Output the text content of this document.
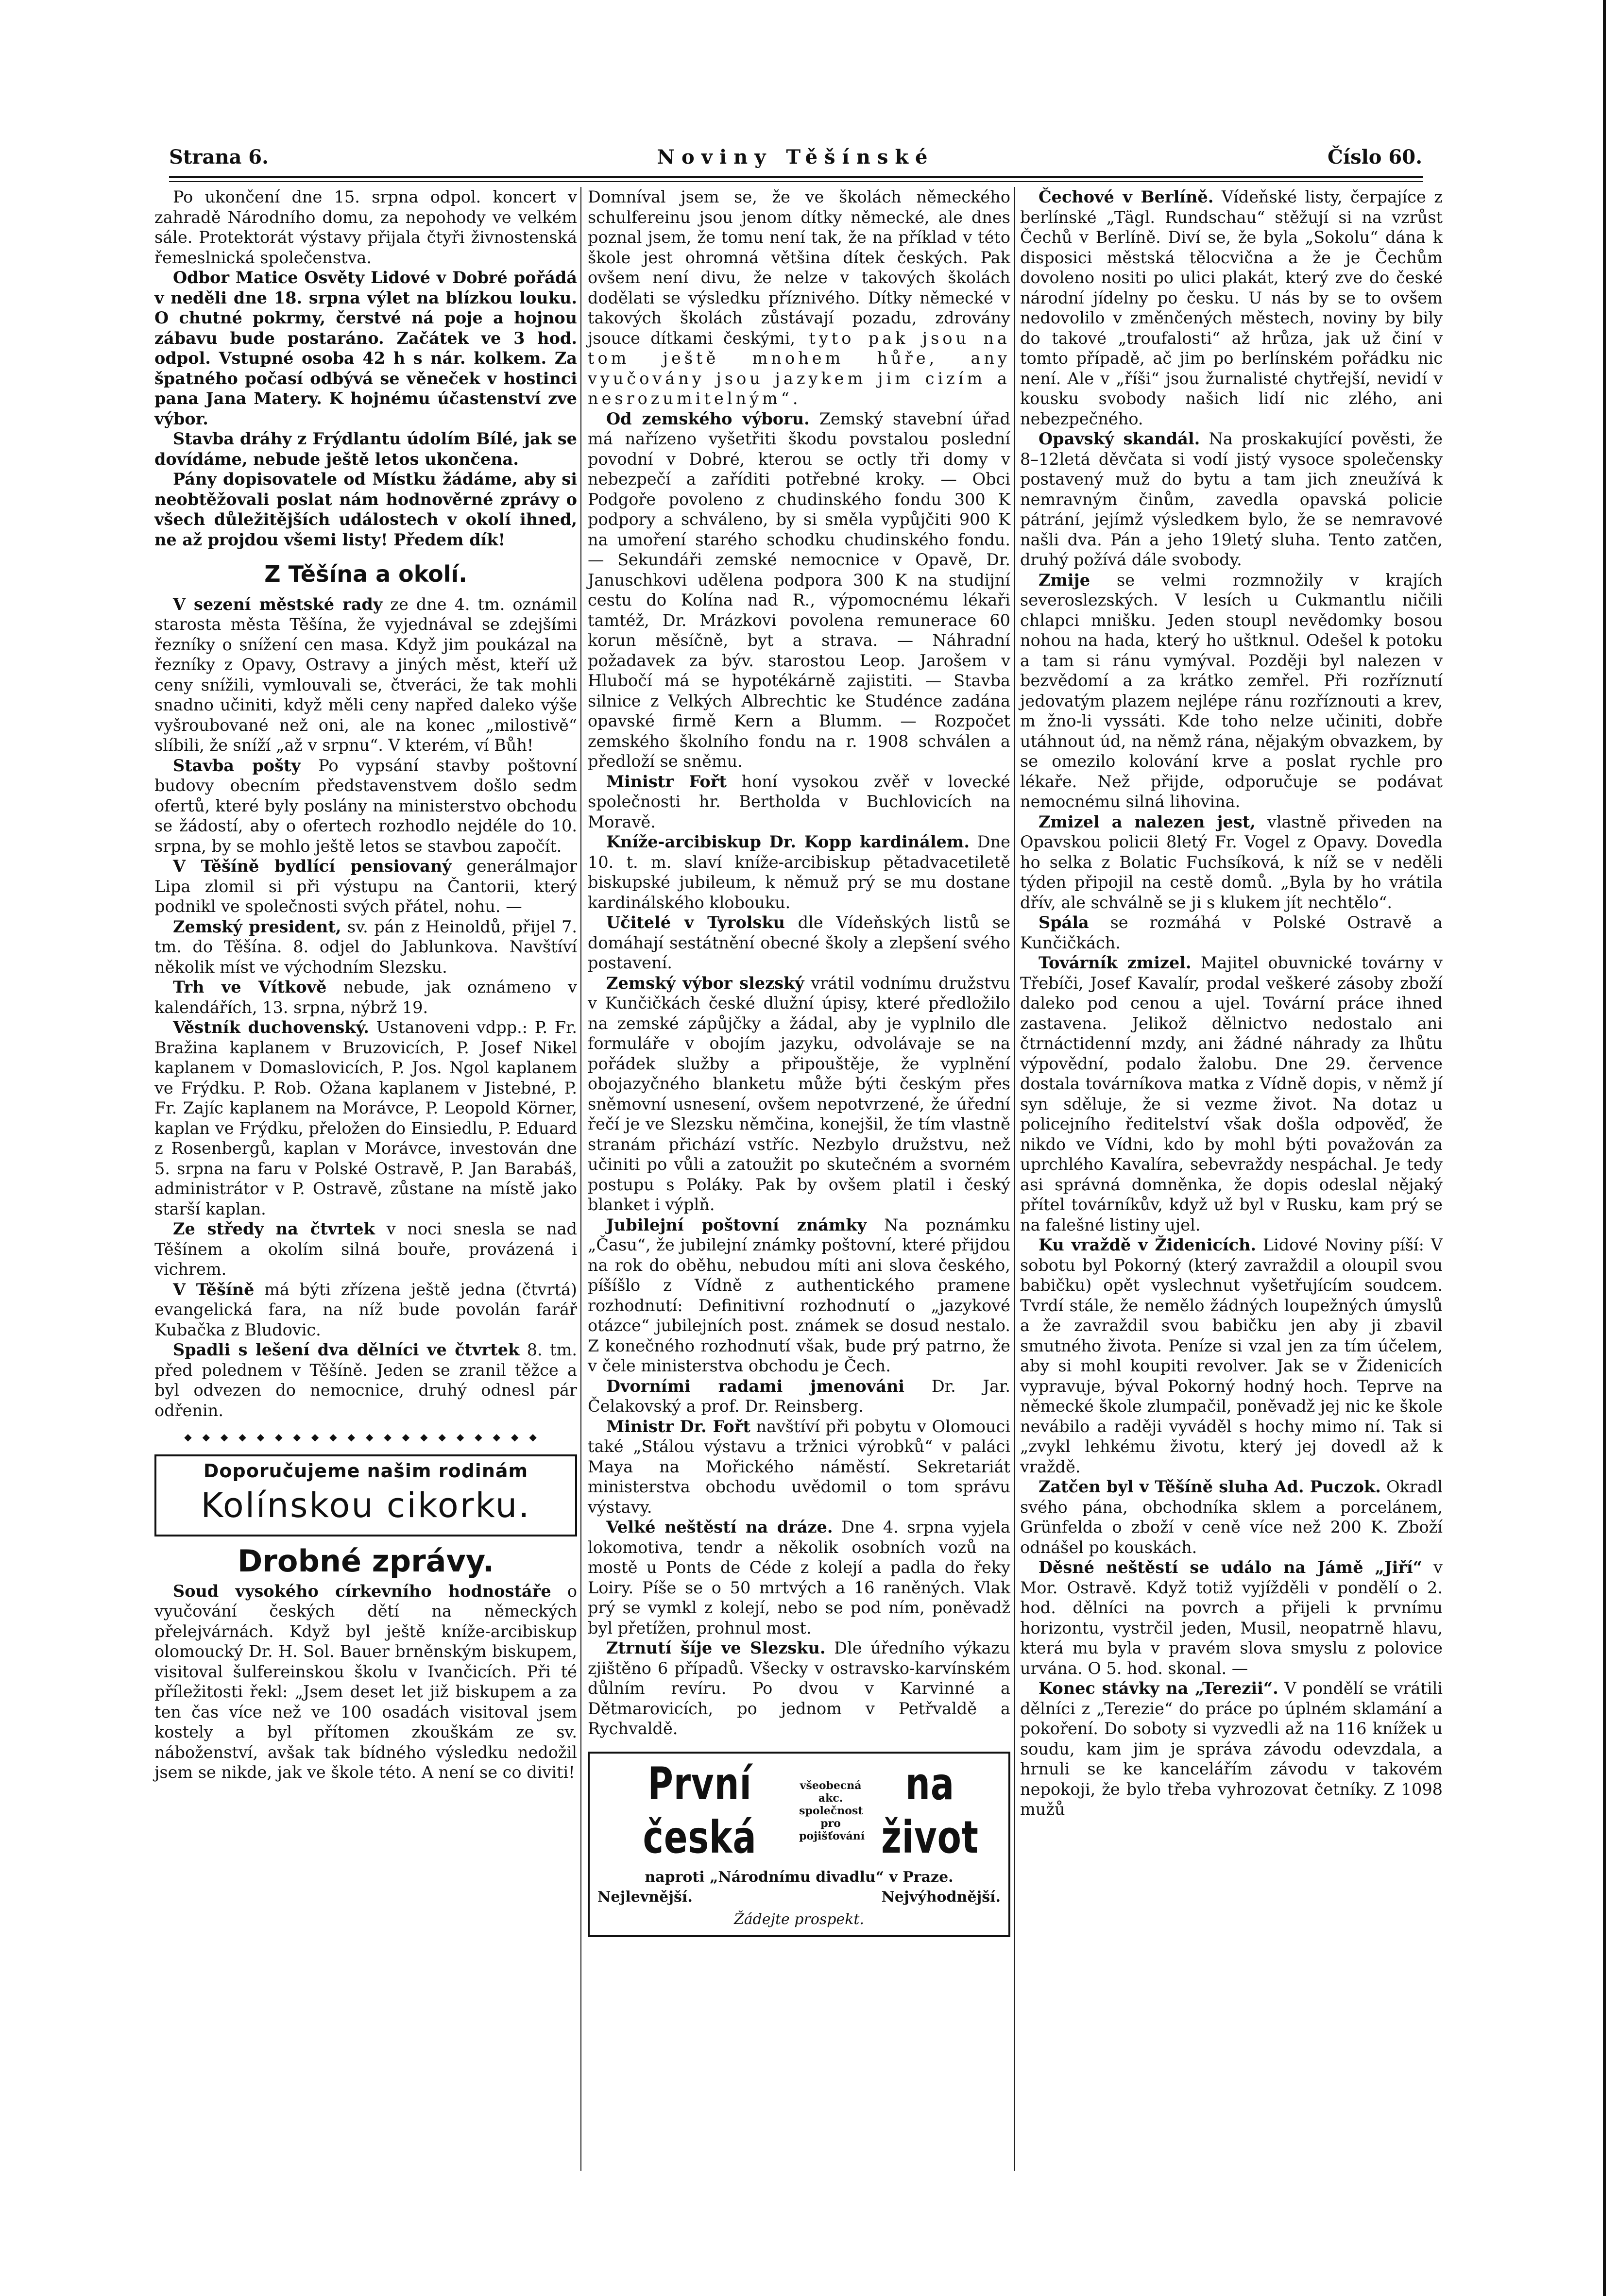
Strana 6.	Noviny Těšínské	Číslo 60.

Po ukončení dne 15. srpna odpol. koncert v zahradě Národního domu, za nepohody ve velkém sále. Protektorát výstavy přijala čtyři živnostenská řemeslnická společenstva.

Odbor Matice Osvěty Lidové v Dobré pořádá v neděli dne 18. srpna výlet na blízkou louku. O chutné pokrmy, čerstvé ná poje a hojnou zábavu bude postaráno. Začátek ve 3 hod. odpol. Vstupné osoba 42 h s nár. kolkem. Za špatného počasí odbývá se věneček v hostinci pana Jana Matery. K hojnému účastenství zve výbor.

Stavba dráhy z Frýdlantu údolím Bílé, jak se dovídáme, nebude ještě letos ukončena.

Pány dopisovatele od Místku žádáme, aby si neobtěžovali poslat nám hodnověrné zprávy o všech důležitějších událostech v okolí ihned, ne až projdou všemi listy! Předem dík!

Z Těšína a okolí.

V sezení městské rady ze dne 4. tm. oznámil starosta města Těšína, že vyjednával se zdejšími řezníky o snížení cen masa. Když jim poukázal na řezníky z Opavy, Ostravy a jiných měst, kteří už ceny snížili, vymlouvali se, čtveráci, že tak mohli snadno učiniti, když měli ceny napřed daleko výše vyšroubované než oni, ale na konec „milostivě“ slíbili, že sníží „až v srpnu“. V kterém, ví Bůh!

Stavba pošty Po vypsání stavby poštovní budovy obecním představenstvem došlo sedm ofertů, které byly poslány na ministerstvo obchodu se žádostí, aby o ofertech rozhodlo nejdéle do 10. srpna, by se mohlo ještě letos se stavbou započít.

V Těšíně bydlící pensiovaný generálmajor Lipa zlomil si při výstupu na Čantorii, který podnikl ve společnosti svých přátel, nohu. —

Zemský president, sv. pán z Heinoldů, přijel 7. tm. do Těšína. 8. odjel do Jablunkova. Navštíví několik míst ve východním Slezsku.

Trh ve Vítkově nebude, jak oznámeno v kalendářích, 13. srpna, nýbrž 19.

Věstník duchovenský. Ustanoveni vdpp.: P. Fr. Bražina kaplanem v Bruzovicích, P. Josef Nikel kaplanem v Domaslovicích, P. Jos. Ngol kaplanem ve Frýdku. P. Rob. Ožana kaplanem v Jistebné, P. Fr. Zajíc kaplanem na Morávce, P. Leopold Körner, kaplan ve Frýdku, přeložen do Einsiedlu, P. Eduard z Rosenbergů, kaplan v Morávce, investován dne 5. srpna na faru v Polské Ostravě, P. Jan Barabáš, administrátor v P. Ostravě, zůstane na místě jako starší kaplan.

Ze středy na čtvrtek v noci snesla se nad Těšínem a okolím silná bouře, provázená i vichrem.

V Těšíně má býti zřízena ještě jedna (čtvrtá) evangelická fara, na níž bude povolán farář Kubačka z Bludovic.

Spadli s lešení dva dělníci ve čtvrtek 8. tm. před polednem v Těšíně. Jeden se zranil těžce a byl odvezen do nemocnice, druhý odnesl pár odřenin.

◆◆◆◆◆◆◆◆◆◆◆◆◆◆◆◆◆◆◆◆
Doporučujeme našim rodinám
Kolínskou cikorku.
Drobné zprávy.

Soud vysokého církevního hodnostáře o vyučování českých dětí na německých přelejvárnách. Když byl ještě kníže-arcibiskup olomoucký Dr. H. Sol. Bauer brněnským biskupem, visitoval šulfereinskou školu v Ivančicích. Při té příležitosti řekl: „Jsem deset let již biskupem a za ten čas více než ve 100 osadách visitoval jsem kostely a byl přítomen zkouškám ze sv. náboženství, avšak tak bídného výsledku nedožil jsem se nikde, jak ve škole této. A není se co diviti!

Domníval jsem se, že ve školách německého schulfereinu jsou jenom dítky německé, ale dnes poznal jsem, že tomu není tak, že na příklad v této škole jest ohromná většina dítek českých. Pak ovšem není divu, že nelze v takových školách dodělati se výsledku příznivého. Dítky německé v takových školách zůstávají pozadu, zdrovány jsouce dítkami českými, tyto pak jsou na tom ještě mnohem hůře, any vyučovány jsou jazykem jim cizím a nesrozumitelným“.

Od zemského výboru. Zemský stavební úřad má nařízeno vyšetřiti škodu povstalou poslední povodní v Dobré, kterou se octly tři domy v nebezpečí a zaříditi potřebné kroky. — Obci Podgoře povoleno z chudinského fondu 300 K podpory a schváleno, by si směla vypůjčiti 900 K na umoření starého schodku chudinského fondu. — Sekundáři zemské nemocnice v Opavě, Dr. Januschkovi udělena podpora 300 K na studijní cestu do Kolína nad R., výpomocnému lékaři tamtéž, Dr. Mrázkovi povolena remunerace 60 korun měsíčně, byt a strava. — Náhradní požadavek za býv. starostou Leop. Jarošem v Hlubočí má se hypotékárně zajistiti. — Stavba silnice z Velkých Albrechtic ke Studénce zadána opavské firmě Kern a Blumm. — Rozpočet zemského školního fondu na r. 1908 schválen a předloží se sněmu.

Ministr Fořt honí vysokou zvěř v lovecké společnosti hr. Bertholda v Buchlovicích na Moravě.

Kníže-arcibiskup Dr. Kopp kardinálem. Dne 10. t. m. slaví kníže-arcibiskup pětadvacetiletě biskupské jubileum, k němuž prý se mu dostane kardinálského klobouku.

Učitelé v Tyrolsku dle Vídeňských listů se domáhají sestátnění obecné školy a zlepšení svého postavení.

Zemský výbor slezský vrátil vodnímu družstvu v Kunčičkách české dlužní úpisy, které předložilo na zemské zápůjčky a žádal, aby je vyplnilo dle formuláře v obojím jazyku, odvolávaje se na pořádek služby a připouštěje, že vyplnění obojazyčného blanketu může býti českým přes sněmovní usnesení, ovšem nepotvrzené, že úřední řečí je ve Slezsku němčina, konejšil, že tím vlastně stranám přichází vstříc. Nezbylo družstvu, než učiniti po vůli a zatoužit po skutečném a svorném postupu s Poláky. Pak by ovšem platil i český blanket i výplň.

Jubilejní poštovní známky Na poznámku „Času“, že jubilejní známky poštovní, které přijdou na rok do oběhu, nebudou míti ani slova českého, píšíšlo z Vídně z authentického pramene rozhodnutí: Definitivní rozhodnutí o „jazykové otázce“ jubilejních post. známek se dosud nestalo. Z konečného rozhodnutí však, bude prý patrno, že v čele ministerstva obchodu je Čech.

Dvorními radami jmenováni Dr. Jar. Čelakovský a prof. Dr. Reinsberg.

Ministr Dr. Fořt navštíví při pobytu v Olomouci také „Stálou výstavu a tržnici výrobků“ v paláci Maya na Mořického náměstí. Sekretariát ministerstva obchodu uvědomil o tom správu výstavy.

Velké neštěstí na dráze. Dne 4. srpna vyjela lokomotiva, tendr a několik osobních vozů na mostě u Ponts de Céde z kolejí a padla do řeky Loiry. Píše se o 50 mrtvých a 16 raněných. Vlak prý se vymkl z kolejí, nebo se pod ním, poněvadž byl přetížen, prohnul most.

Ztrnutí šíje ve Slezsku. Dle úředního výkazu zjištěno 6 případů. Všecky v ostravsko-karvínském důlním revíru. Po dvou v Karvinné a Dětmarovicích, po jednom v Petřvaldě a Rychvaldě.

První česká
všeobecná akc. společnost pro pojišťování
na život
naproti „Národnímu divadlu“ v Praze.
Nejlevnější.	Nejvýhodnější.
Žádejte prospekt.

Čechové v Berlíně. Vídeňské listy, čerpajíce z berlínské „Tägl. Rundschau“ stěžují si na vzrůst Čechů v Berlíně. Diví se, že byla „Sokolu“ dána k disposici městská tělocvična a že je Čechům dovoleno nositi po ulici plakát, který zve do české národní jídelny po česku. U nás by se to ovšem nedovolilo v změnčených městech, noviny by bily do takové „troufalosti“ až hrůza, jak už činí v tomto případě, ač jim po berlínském pořádku nic není. Ale v „říši“ jsou žurnalisté chytřejší, nevidí v kousku svobody našich lidí nic zlého, ani nebezpečného.

Opavský skandál. Na proskakující pověsti, že 8–12letá děvčata si vodí jistý vysoce společensky postavený muž do bytu a tam jich zneužívá k nemravným činům, zavedla opavská policie pátrání, jejímž výsledkem bylo, že se nemravové našli dva. Pán a jeho 19letý sluha. Tento zatčen, druhý požívá dále svobody.

Zmije se velmi rozmnožily v krajích severoslezských. V lesích u Cukmantlu ničili chlapci mnišku. Jeden stoupl nevědomky bosou nohou na hada, který ho uštknul. Odešel k potoku a tam si ránu vymýval. Později byl nalezen v bezvědomí a za krátko zemřel. Při rozříznutí jedovatým plazem nejlépe ránu rozříznouti a krev, m žno-li vyssáti. Kde toho nelze učiniti, dobře utáhnout úd, na němž rána, nějakým obvazkem, by se omezilo kolování krve a poslat rychle pro lékaře. Než přijde, odporučuje se podávat nemocnému silná lihovina.

Zmizel a nalezen jest, vlastně přiveden na Opavskou policii 8letý Fr. Vogel z Opavy. Dovedla ho selka z Bolatic Fuchsíková, k níž se v neděli týden připojil na cestě domů. „Byla by ho vrátila dřív, ale schválně se ji s klukem jít nechtělo“.

Spála se rozmáhá v Polské Ostravě a Kunčičkách.

Továrník zmizel. Majitel obuvnické továrny v Třebíči, Josef Kavalír, prodal veškeré zásoby zboží daleko pod cenou a ujel. Tovární práce ihned zastavena. Jelikož dělnictvo nedostalo ani čtrnáctidenní mzdy, ani žádné náhrady za lhůtu výpovědní, podalo žalobu. Dne 29. července dostala továrníkova matka z Vídně dopis, v němž jí syn sděluje, že si vezme život. Na dotaz u policejního ředitelství však došla odpověď, že nikdo ve Vídni, kdo by mohl býti považován za uprchlého Kavalíra, sebevraždy nespáchal. Je tedy asi správná domněnka, že dopis odeslal nějaký přítel továrníkův, když už byl v Rusku, kam prý se na falešné listiny ujel.

Ku vraždě v Židenicích. Lidové Noviny píší: V sobotu byl Pokorný (který zavraždil a oloupil svou babičku) opět vyslechnut vyšetřujícím soudcem. Tvrdí stále, že nemělo žádných loupežných úmyslů a že zavraždil svou babičku jen aby ji zbavil smutného života. Peníze si vzal jen za tím účelem, aby si mohl koupiti revolver. Jak se v Židenicích vypravuje, býval Pokorný hodný hoch. Teprve na německé škole zlumpačil, poněvadž jej nic ke škole nevábilo a raději vyváděl s hochy mimo ní. Tak si „zvykl lehkému životu, který jej dovedl až k vraždě.

Zatčen byl v Těšíně sluha Ad. Puczok. Okradl svého pána, obchodníka sklem a porcelánem, Grünfelda o zboží v ceně více než 200 K. Zboží odnášel po kouskách.

Děsné neštěstí se událo na Jámě „Jiří“ v Mor. Ostravě. Když totiž vyjížděli v pondělí o 2. hod. dělníci na povrch a přijeli k prvnímu horizontu, vystrčil jeden, Musil, neopatrně hlavu, která mu byla v pravém slova smyslu z polovice urvána. O 5. hod. skonal. —

Konec stávky na „Terezii“. V pondělí se vrátili dělníci z „Terezie“ do práce po úplném sklamání a pokoření. Do soboty si vyzvedli až na 116 knížek u soudu, kam jim je správa závodu odevzdala, a hrnuli se ke kancelářím závodu v takovém nepokoji, že bylo třeba vyhrozovat četníky. Z 1098 mužů
